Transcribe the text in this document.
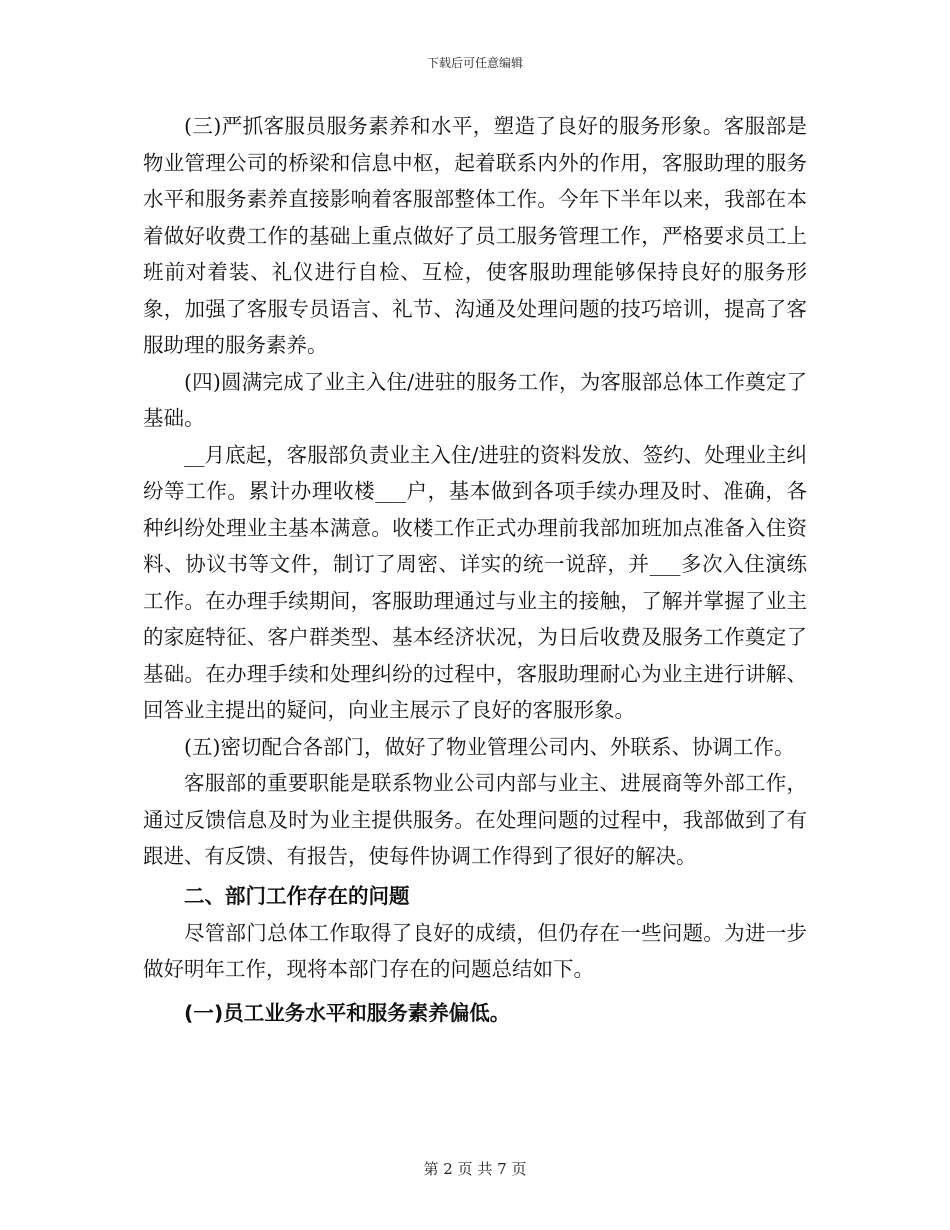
下载后可任意编辑

(三)严抓客服员服务素养和水平，塑造了良好的服务形象。客服部是物业管理公司的桥梁和信息中枢，起着联系内外的作用，客服助理的服务水平和服务素养直接影响着客服部整体工作。今年下半年以来，我部在本着做好收费工作的基础上重点做好了员工服务管理工作，严格要求员工上班前对着装、礼仪进行自检、互检，使客服助理能够保持良好的服务形象，加强了客服专员语言、礼节、沟通及处理问题的技巧培训，提高了客服助理的服务素养。

(四)圆满完成了业主入住/进驻的服务工作，为客服部总体工作奠定了基础。

__月底起，客服部负责业主入住/进驻的资料发放、签约、处理业主纠纷等工作。累计办理收楼___户，基本做到各项手续办理及时、准确，各种纠纷处理业主基本满意。收楼工作正式办理前我部加班加点准备入住资料、协议书等文件，制订了周密、详实的统一说辞，并___多次入住演练工作。在办理手续期间，客服助理通过与业主的接触，了解并掌握了业主的家庭特征、客户群类型、基本经济状况，为日后收费及服务工作奠定了基础。在办理手续和处理纠纷的过程中，客服助理耐心为业主进行讲解、回答业主提出的疑问，向业主展示了良好的客服形象。

(五)密切配合各部门，做好了物业管理公司内、外联系、协调工作。

客服部的重要职能是联系物业公司内部与业主、进展商等外部工作，通过反馈信息及时为业主提供服务。在处理问题的过程中，我部做到了有跟进、有反馈、有报告，使每件协调工作得到了很好的解决。

二、部门工作存在的问题

尽管部门总体工作取得了良好的成绩，但仍存在一些问题。为进一步做好明年工作，现将本部门存在的问题总结如下。

(一)员工业务水平和服务素养偏低。

第 2 页 共 7 页
